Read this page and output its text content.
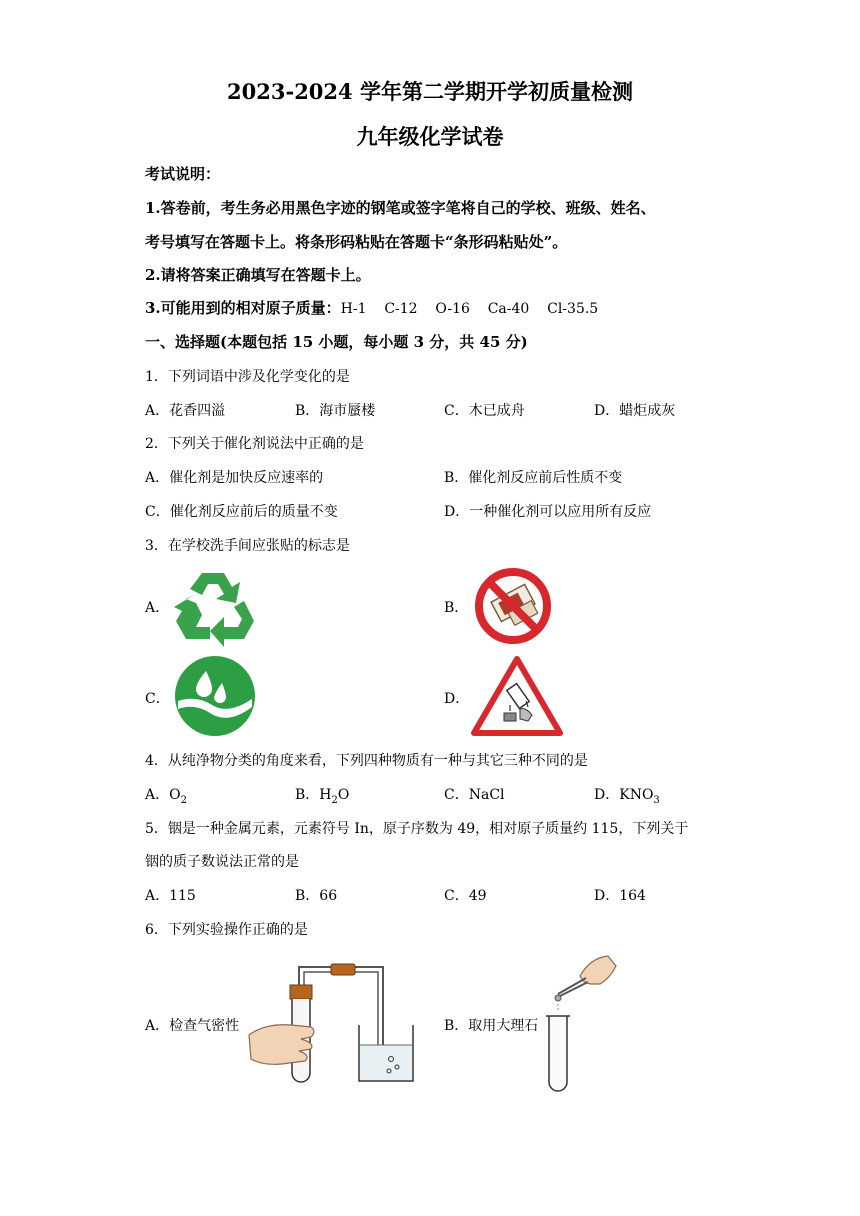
2023-2024 学年第二学期开学初质量检测
九年级化学试卷
考试说明：
1.答卷前，考生务必用黑色字迹的钢笔或签字笔将自己的学校、班级、姓名、
考号填写在答题卡上。将条形码粘贴在答题卡“条形码粘贴处”。
2.请将答案正确填写在答题卡上。
3.可能用到的相对原子质量：H-1    C-12    O-16    Ca-40    Cl-35.5
一、选择题(本题包括 15 小题，每小题 3 分，共 45 分)
1．下列词语中涉及化学变化的是
A．花香四溢	B．海市蜃楼	C．木已成舟	D．蜡炬成灰
2．下列关于催化剂说法中正确的是
A．催化剂是加快反应速率的	B．催化剂反应前后性质不变
C．催化剂反应前后的质量不变	D．一种催化剂可以应用所有反应
3．在学校洗手间应张贴的标志是
A．	B．
C．	D．
4．从纯净物分类的角度来看，下列四种物质有一种与其它三种不同的是
A．$O_2$	B．$H_2O$	C．NaCl	D．$KNO_3$
5．铟是一种金属元素，元素符号 In，原子序数为 49，相对原子质量约 115，下列关于
铟的质子数说法正常的是
A．115	B．66	C．49	D．164
6．下列实验操作正确的是
A．检查气密性	B．取用大理石
